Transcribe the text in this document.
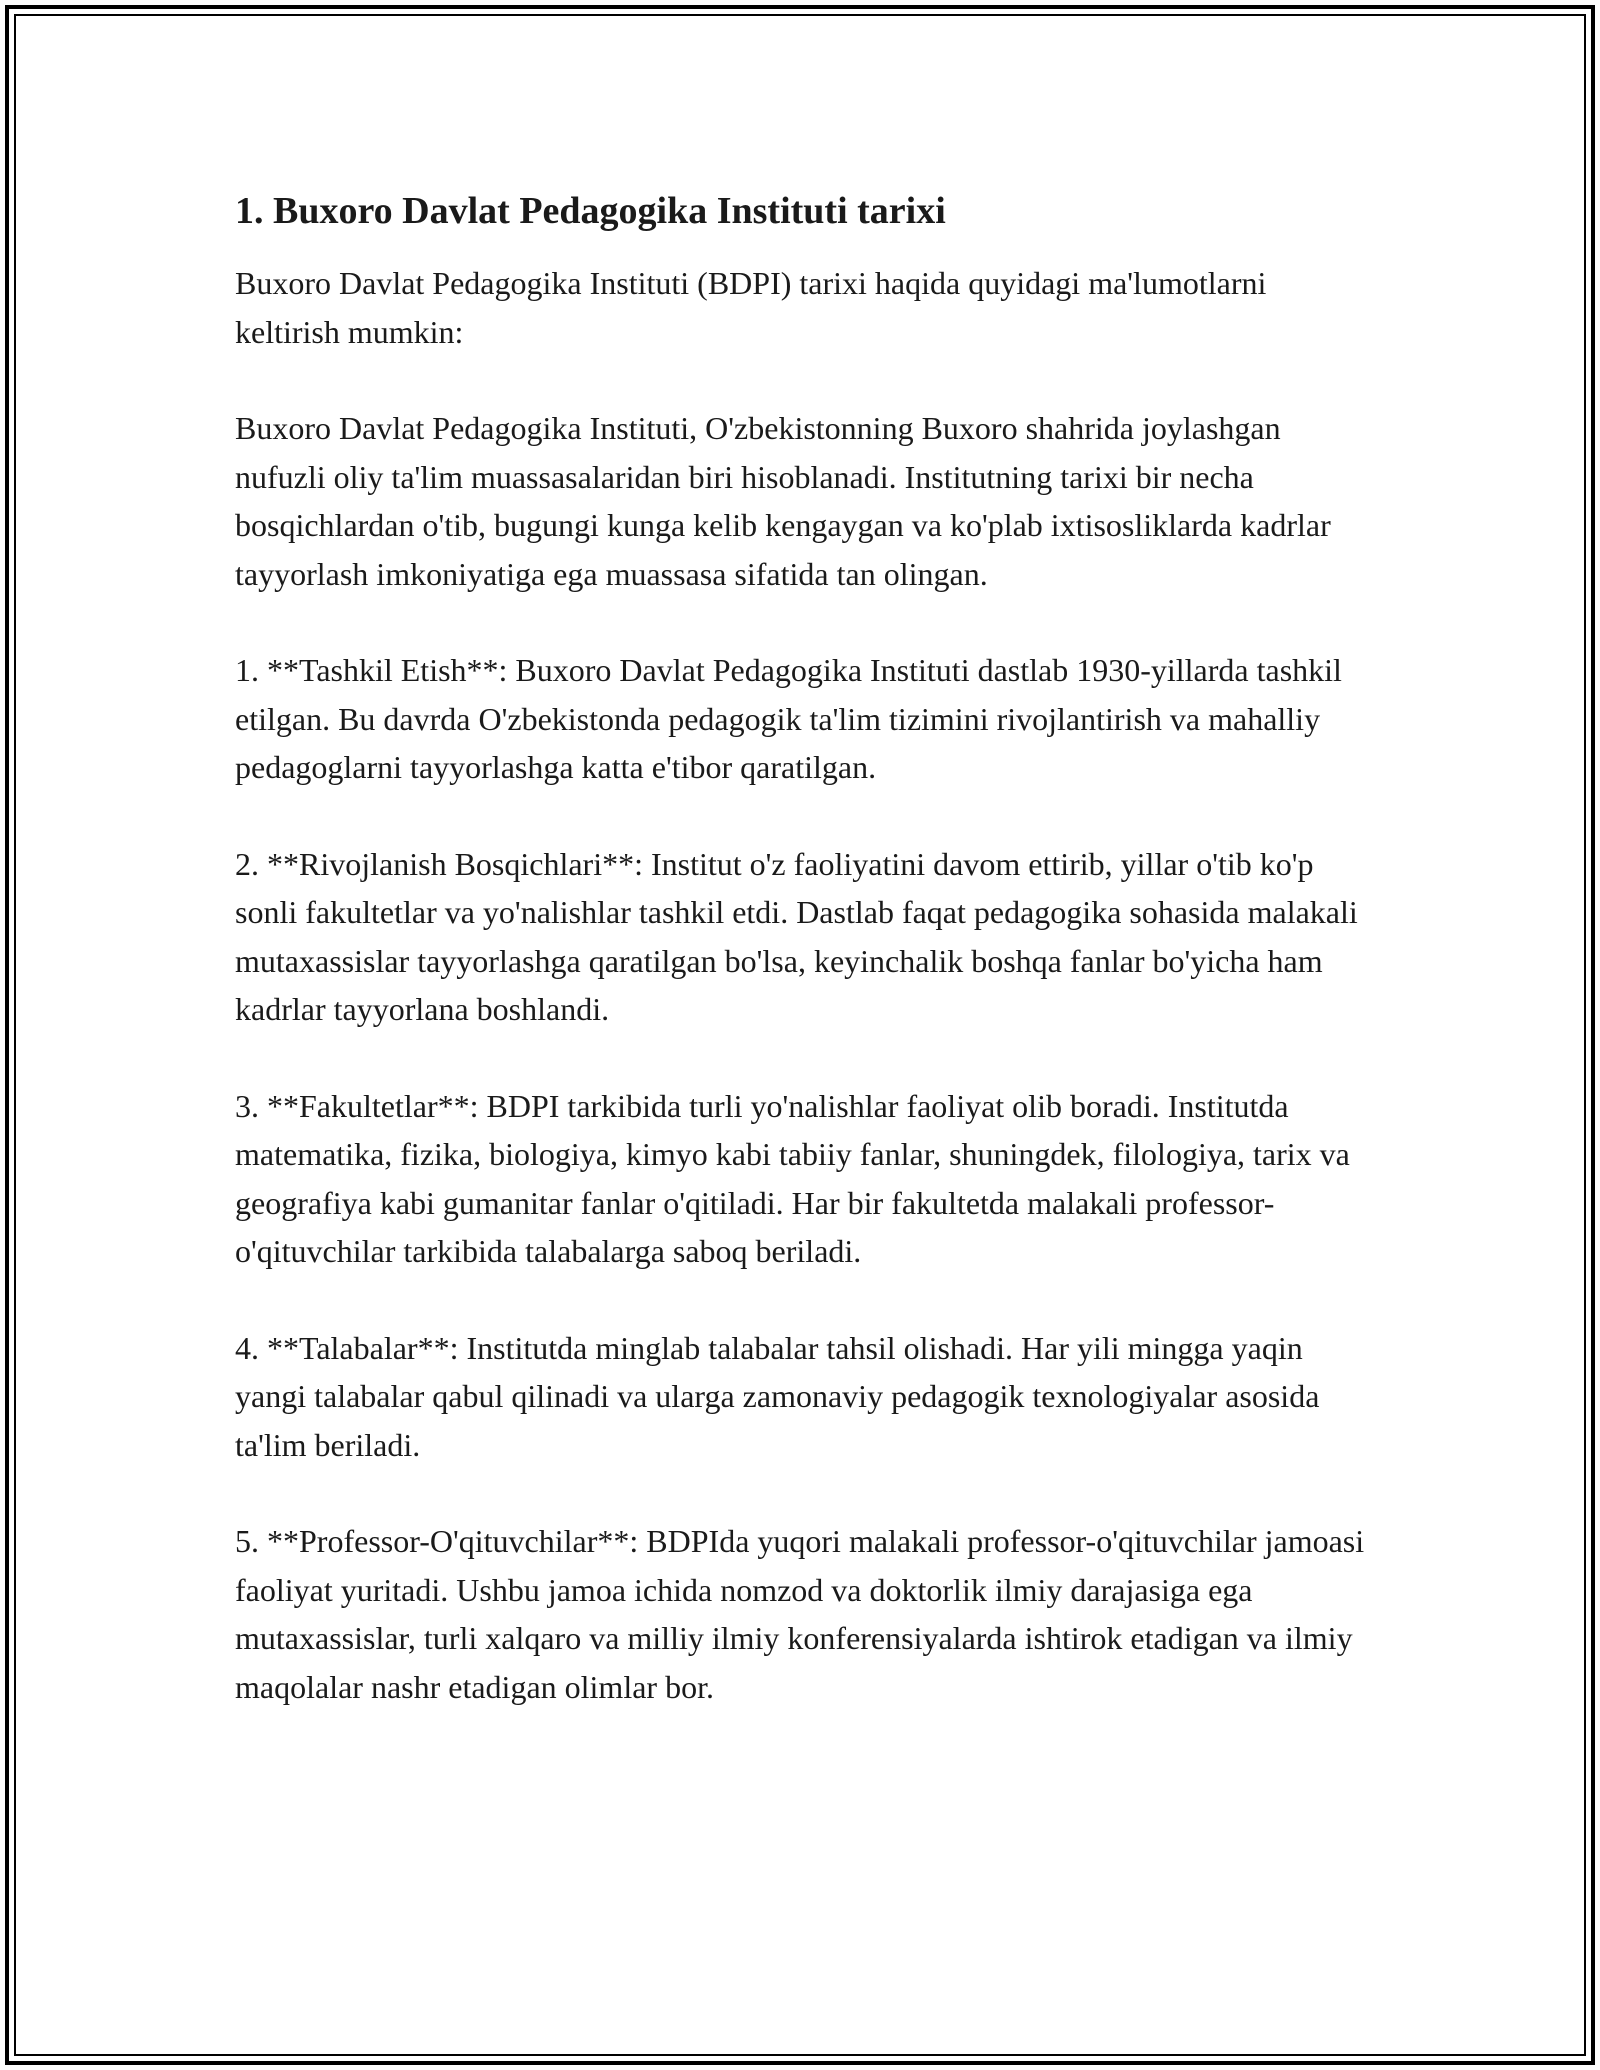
1. Buxoro Davlat Pedagogika Instituti tarixi

Buxoro Davlat Pedagogika Instituti (BDPI) tarixi haqida quyidagi ma'lumotlarni keltirish mumkin:

Buxoro Davlat Pedagogika Instituti, O'zbekistonning Buxoro shahrida joylashgan nufuzli oliy ta'lim muassasalaridan biri hisoblanadi. Institutning tarixi bir necha bosqichlardan o'tib, bugungi kunga kelib kengaygan va ko'plab ixtisosliklarda kadrlar tayyorlash imkoniyatiga ega muassasa sifatida tan olingan.

1. **Tashkil Etish**: Buxoro Davlat Pedagogika Instituti dastlab 1930-yillarda tashkil etilgan. Bu davrda O'zbekistonda pedagogik ta'lim tizimini rivojlantirish va mahalliy pedagoglarni tayyorlashga katta e'tibor qaratilgan.

2. **Rivojlanish Bosqichlari**: Institut o'z faoliyatini davom ettirib, yillar o'tib ko'p sonli fakultetlar va yo'nalishlar tashkil etdi. Dastlab faqat pedagogika sohasida malakali mutaxassislar tayyorlashga qaratilgan bo'lsa, keyinchalik boshqa fanlar bo'yicha ham kadrlar tayyorlana boshlandi.

3. **Fakultetlar**: BDPI tarkibida turli yo'nalishlar faoliyat olib boradi. Institutda matematika, fizika, biologiya, kimyo kabi tabiiy fanlar, shuningdek, filologiya, tarix va geografiya kabi gumanitar fanlar o'qitiladi. Har bir fakultetda malakali professor-o'qituvchilar tarkibida talabalarga saboq beriladi.

4. **Talabalar**: Institutda minglab talabalar tahsil olishadi. Har yili mingga yaqin yangi talabalar qabul qilinadi va ularga zamonaviy pedagogik texnologiyalar asosida ta'lim beriladi.

5. **Professor-O'qituvchilar**: BDPIda yuqori malakali professor-o'qituvchilar jamoasi faoliyat yuritadi. Ushbu jamoa ichida nomzod va doktorlik ilmiy darajasiga ega mutaxassislar, turli xalqaro va milliy ilmiy konferensiyalarda ishtirok etadigan va ilmiy maqolalar nashr etadigan olimlar bor.
